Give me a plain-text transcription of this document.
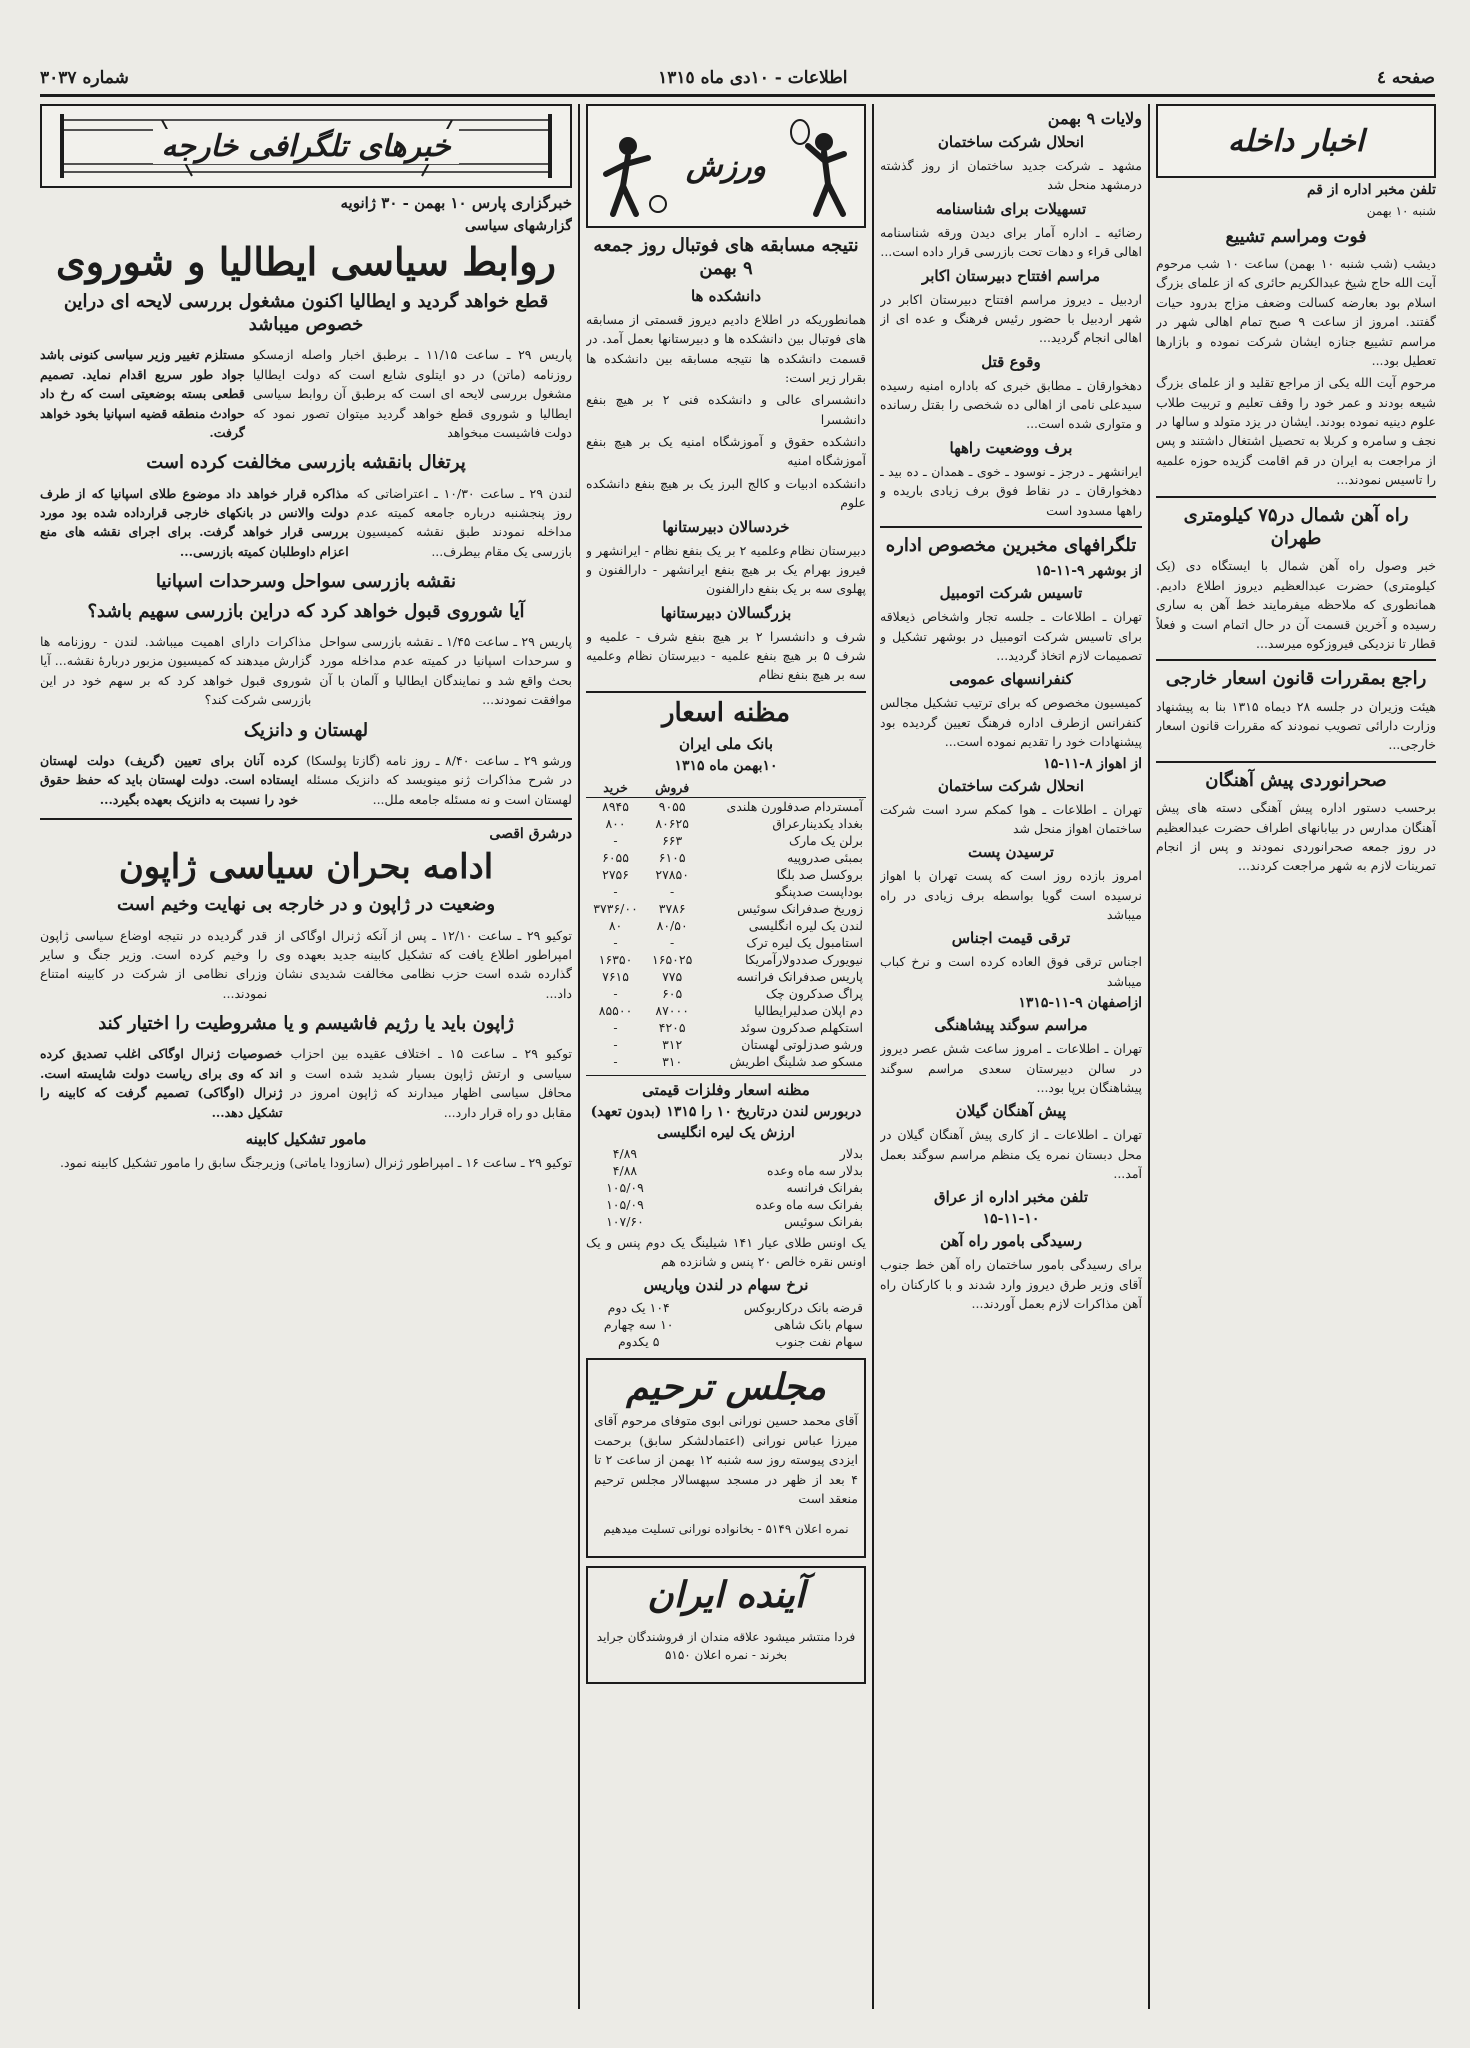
صفحه ٤
اطلاعات - ١٠دی ماه ١٣١٥
شماره ٣٠٣٧
اخبار داخله
تلفن مخبر اداره از قم
شنبه ۱۰ بهمن
فوت ومراسم تشییع

دیشب (شب شنبه ۱۰ بهمن) ساعت ۱۰ شب مرحوم آیت الله حاج شیخ عبدالکریم حائری که از علمای بزرگ اسلام بود بعارضه کسالت وضعف مزاج بدرود حیات گفتند. امروز از ساعت ۹ صبح تمام اهالی شهر در مراسم تشییع جنازه ایشان شرکت نموده و بازارها تعطیل بود...

مرحوم آیت الله یکی از مراجع تقلید و از علمای بزرگ شیعه بودند و عمر خود را وقف تعلیم و تربیت طلاب علوم دینیه نموده بودند. ایشان در یزد متولد و سالها در نجف و سامره و کربلا به تحصیل اشتغال داشتند و پس از مراجعت به ایران در قم اقامت گزیده حوزه علمیه را تاسیس نمودند...

راه آهن شمال در۷۵ کیلومتری طهران

خبر وصول راه آهن شمال با ایستگاه دی (یک کیلومتری) حضرت عبدالعظیم دیروز اطلاع دادیم. همانطوری که ملاحظه میفرمایند خط آهن به ساری رسیده و آخرین قسمت آن در حال اتمام است و فعلاً قطار تا نزدیکی فیروزکوه میرسد...

راجع بمقررات قانون اسعار خارجی

هیئت وزیران در جلسه ۲۸ دیماه ۱۳۱۵ بنا به پیشنهاد وزارت دارائی تصویب نمودند که مقررات قانون اسعار خارجی...

صحرانوردی پیش آهنگان

برحسب دستور اداره پیش آهنگی دسته های پیش آهنگان مدارس در بیابانهای اطراف حضرت عبدالعظیم در روز جمعه صحرانوردی نمودند و پس از انجام تمرینات لازم به شهر مراجعت کردند...

ولایات ۹ بهمن
انحلال شرکت ساختمان

مشهد ـ شرکت جدید ساختمان از روز گذشته درمشهد منحل شد

تسهیلات برای شناسنامه

رضائیه ـ اداره آمار برای دیدن ورقه شناسنامه اهالی قراء و دهات تحت بازرسی قرار داده است...

مراسم افتتاح دبیرستان اکابر

اردبیل ـ دیروز مراسم افتتاح دبیرستان اکابر در شهر اردبیل با حضور رئیس فرهنگ و عده ای از اهالی انجام گردید...

وقوع قتل

دهخوارقان ـ مطابق خبری که باداره امنیه رسیده سیدعلی نامی از اهالی ده شخصی را بقتل رسانده و متواری شده است...

برف ووضعیت راهها

ایرانشهر ـ درجز ـ نوسود ـ خوی ـ همدان ـ ده بید ـ دهخوارقان ـ در نقاط فوق برف زیادی باریده و راهها مسدود است

تلگرافهای مخبرین مخصوص اداره
از بوشهر ۹-۱۱-۱۵
تاسیس شرکت اتومبیل

تهران ـ اطلاعات ـ جلسه تجار واشخاص ذیعلاقه برای تاسیس شرکت اتومبیل در بوشهر تشکیل و تصمیمات لازم اتخاذ گردید...

کنفرانسهای عمومی

کمیسیون مخصوص که برای ترتیب تشکیل مجالس کنفرانس ازطرف اداره فرهنگ تعیین گردیده بود پیشنهادات خود را تقدیم نموده است...

از اهواز ۸-۱۱-۱۵
انحلال شرکت ساختمان

تهران ـ اطلاعات ـ هوا کمکم سرد است شرکت ساختمان اهواز منحل شد

ترسیدن پست

امروز بازده روز است که پست تهران با اهواز نرسیده است گویا بواسطه برف زیادی در راه میباشد

ترقی قیمت اجناس

اجناس ترقی فوق العاده کرده است و نرخ کباب میباشد

ازاصفهان ۹-۱۱-۱۳۱۵
مراسم سوگند پیشاهنگی

تهران ـ اطلاعات ـ امروز ساعت شش عصر دیروز در سالن دبیرستان سعدی مراسم سوگند پیشاهنگان برپا بود...

پیش آهنگان گیلان

تهران ـ اطلاعات ـ از کاری پیش آهنگان گیلان در محل دبستان نمره یک منظم مراسم سوگند بعمل آمد...

تلفن مخبر اداره از عراق
۱۵-۱۱-۱۰
رسیدگی بامور راه آهن

برای رسیدگی بامور ساختمان راه آهن خط جنوب آقای وزیر طرق دیروز وارد شدند و با کارکنان راه آهن مذاکرات لازم بعمل آوردند...

ورزش
نتیجه مسابقه های فوتبال روز جمعه ۹ بهمن
دانشکده ها

همانطوریکه در اطلاع دادیم دیروز قسمتی از مسابقه های فوتبال بین دانشکده ها و دبیرستانها بعمل آمد. در قسمت دانشکده ها نتیجه مسابقه بین دانشکده ها بقرار زیر است:

دانشسرای عالی و دانشکده فنی ۲ بر هیچ بنفع دانشسرا

دانشکده حقوق و آموزشگاه امنیه یک بر هیچ بنفع آموزشگاه امنیه

دانشکده ادبیات و کالج البرز یک بر هیچ بنفع دانشکده علوم

خردسالان دبیرستانها

دبیرستان نظام وعلمیه ۲ بر یک بنفع نظام - ایرانشهر و فیروز بهرام یک بر هیچ بنفع ایرانشهر - دارالفنون و پهلوی سه بر یک بنفع دارالفنون

بزرگسالان دبیرستانها

شرف و دانشسرا ۲ بر هیچ بنفع شرف - علمیه و شرف ۵ بر هیچ بنفع علمیه - دبیرستان نظام وعلمیه سه بر هیچ بنفع نظام

مظنه اسعار
بانک ملی ایران
۱۰بهمن ماه ۱۳۱۵
	فروش	خرید
آمستردام صدفلورن هلندی	۹۰۵۵	۸۹۴۵
بغداد یکدینارعراق	۸۰۶۲۵	۸۰۰
برلن یک مارک	۶۶۳	-
بمبئی صدروپیه	۶۱۰۵	۶۰۵۵
بروکسل صد بلگا	۲۷۸۵۰	۲۷۵۶
بوداپست صدپنگو	-	-
زوریخ صدفرانک سوئیس	۳۷۸۶	۳۷۳۶/۰۰
لندن یک لیره انگلیسی	۸۰/۵۰	۸۰
استامبول یک لیره ترک	-	-
نیویورک صددولارآمریکا	۱۶۵۰۲۵	۱۶۳۵۰
پاریس صدفرانک فرانسه	۷۷۵	۷۶۱۵
پراگ صدکرون چک	۶۰۵	-
دم اپلان صدلیرایطالیا	۸۷۰۰۰	۸۵۵۰۰
استکهلم صدکرون سوئد	۴۲۰۵	-
ورشو صدزلوتی لهستان	۳۱۲	-
مسکو صد شلینگ اطریش	۳۱۰	-
مظنه اسعار وفلزات قیمتی
دربورس لندن درتاریخ ۱۰ را ۱۳۱۵ (بدون تعهد)
ارزش یک لیره انگلیسی
بدلار	۴/۸۹
بدلار سه ماه وعده	۴/۸۸
بفرانک فرانسه	۱۰۵/۰۹
بفرانک سه ماه وعده	۱۰۵/۰۹
بفرانک سوئیس	۱۰۷/۶۰

یک اونس طلای عیار ۱۴۱ شیلینگ یک دوم پنس و یک اونس نقره خالص ۲۰ پنس و شانزده هم

نرخ سهام در لندن وپاریس
قرضه بانک درکاربوکس	۱۰۴ یک دوم
سهام بانک شاهی	۱۰ سه چهارم
سهام نفت جنوب	۵ یکدوم
مجلس ترحیم

آقای محمد حسین نورانی ابوی متوفای مرحوم آقای میرزا عباس نورانی (اعتمادلشکر سابق) برحمت ایزدی پیوسته روز سه شنبه ۱۲ بهمن از ساعت ۲ تا ۴ بعد از ظهر در مسجد سپهسالار مجلس ترحیم منعقد است

نمره اعلان ۵۱۴۹ - بخانواده نورانی تسلیت میدهیم

آینده ایران

فردا منتشر میشود علاقه مندان از فروشندگان جراید بخرند - نمره اعلان ۵۱۵۰

خبرهای تلگرافی خارجه
خبرگزاری پارس ۱۰ بهمن - ۳۰ ژانویه
گزارشهای سیاسی
روابط سیاسی ایطالیا و شوروی
قطع خواهد گردید و ایطالیا اکنون مشغول بررسی لایحه ای دراین خصوص میباشد

پاریس ۲۹ ـ ساعت ۱۱/۱۵ ـ برطبق اخبار واصله ازمسکو روزنامه (ماتن) در دو ایتلوی شایع است که دولت ایطالیا مشغول بررسی لایحه ای است که برطبق آن روابط سیاسی ایطالیا و شوروی قطع خواهد گردید میتوان تصور نمود که دولت فاشیست مبخواهد

مستلزم تغییر وزیر سیاسی کنونی باشد جواد طور سریع اقدام نماید. تصمیم قطعی بسته بوضعیتی است که رخ داد حوادث منطقه قضیه اسپانیا بخود خواهد گرفت.

پرتغال بانقشه بازرسی مخالفت کرده است

لندن ۲۹ ـ ساعت ۱۰/۳۰ ـ اعتراضاتی که روز پنجشنبه درباره جامعه کمیته عدم مداخله نمودند طبق نقشه کمیسیون بازرسی یک مقام بیطرف...

مذاکره قرار خواهد داد موضوع طلای اسپانیا که از طرف دولت والانس در بانکهای خارجی قرارداده شده بود مورد بررسی قرار خواهد گرفت. برای اجرای نقشه های منع اعزام داوطلبان کمیته بازرسی...

نقشه بازرسی سواحل وسرحدات اسپانیا
آیا شوروی قبول خواهد کرد که دراین بازرسی سهیم باشد؟

پاریس ۲۹ ـ ساعت ۱/۴۵ ـ نقشه بازرسی سواحل و سرحدات اسپانیا در کمیته عدم مداخله مورد بحث واقع شد و نمایندگان ایطالیا و آلمان با آن موافقت نمودند...

مذاکرات دارای اهمیت میباشد. لندن - روزنامه ها گزارش میدهند که کمیسیون مزبور دربارهٔ نقشه... آیا شوروی قبول خواهد کرد که بر سهم خود در این بازرسی شرکت کند؟

لهستان و دانزیک

ورشو ۲۹ ـ ساعت ۸/۴۰ ـ روز نامه (گازتا پولسکا) در شرح مذاکرات ژنو مینویسد که دانزیک مسئله لهستان است و نه مسئله جامعه ملل...

کرده آنان برای تعیین (گریف) دولت لهستان ایستاده است. دولت لهستان باید که حفظ حقوق خود را نسبت به دانزیک بعهده بگیرد...

درشرق اقصی
ادامه بحران سیاسی ژاپون
وضعیت در ژاپون و در خارجه بی نهایت وخیم است

توکیو ۲۹ ـ ساعت ۱۲/۱۰ ـ پس از آنکه ژنرال اوگاکی از امپراطور اطلاع یافت که تشکیل کابینه جدید بعهده وی گذارده شده است حزب نظامی مخالفت شدیدی نشان داد...

قدر گردیده در نتیجه اوضاع سیاسی ژاپون را وخیم کرده است. وزیر جنگ و سایر وزرای نظامی از شرکت در کابینه امتناع نمودند...

ژاپون باید یا رژیم فاشیسم و یا مشروطیت را اختیار کند

توکیو ۲۹ ـ ساعت ۱۵ ـ اختلاف عقیده بین احزاب سیاسی و ارتش ژاپون بسیار شدید شده است و محافل سیاسی اظهار میدارند که ژاپون امروز در مقابل دو راه قرار دارد...

خصوصیات ژنرال اوگاکی اغلب تصدیق کرده اند که وی برای ریاست دولت شایسته است. ژنرال (اوگاکی) تصمیم گرفت که کابینه را تشکیل دهد...

مامور تشکیل کابینه

توکیو ۲۹ ـ ساعت ۱۶ ـ امپراطور ژنرال (سازودا یاماتی) وزیرجنگ سابق را مامور تشکیل کابینه نمود.
